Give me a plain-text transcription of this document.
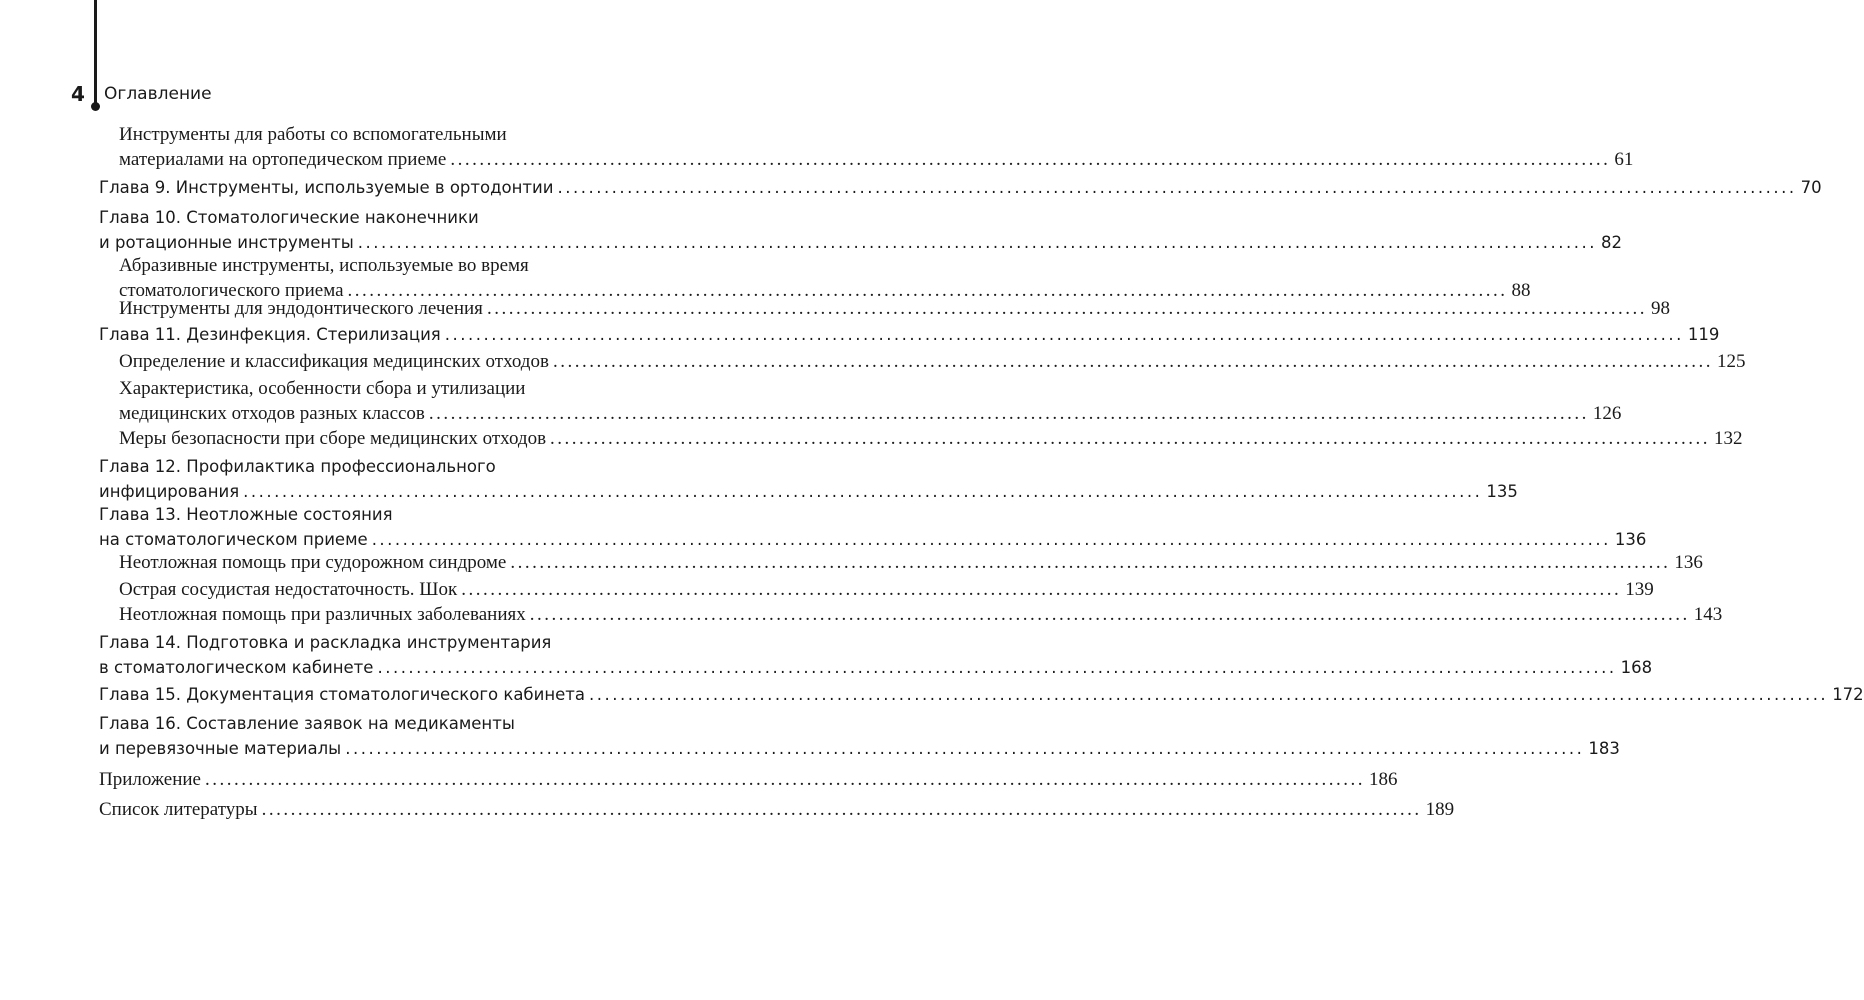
4 Оглавление
Инструменты для работы со вспомогательными
материалами на ортопедическом приеме ................................................................................................................................................................ 61
Глава 9. Инструменты, используемые в ортодонтии ................................................................................................................................................................ 70
Глава 10. Стоматологические наконечники
и ротационные инструменты ................................................................................................................................................................ 82
Абразивные инструменты, используемые во время
стоматологического приема ................................................................................................................................................................ 88
Инструменты для эндодонтического лечения ................................................................................................................................................................ 98
Глава 11. Дезинфекция. Стерилизация ................................................................................................................................................................ 119
Определение и классификация медицинских отходов ................................................................................................................................................................ 125
Характеристика, особенности сбора и утилизации
медицинских отходов разных классов ................................................................................................................................................................ 126
Меры безопасности при сборе медицинских отходов ................................................................................................................................................................ 132
Глава 12. Профилактика профессионального
инфицирования ................................................................................................................................................................ 135
Глава 13. Неотложные состояния
на стоматологическом приеме ................................................................................................................................................................ 136
Неотложная помощь при судорожном синдроме ................................................................................................................................................................ 136
Острая сосудистая недостаточность. Шок ................................................................................................................................................................ 139
Неотложная помощь при различных заболеваниях ................................................................................................................................................................ 143
Глава 14. Подготовка и раскладка инструментария
в стоматологическом кабинете ................................................................................................................................................................ 168
Глава 15. Документация стоматологического кабинета ................................................................................................................................................................ 172
Глава 16. Составление заявок на медикаменты
и перевязочные материалы ................................................................................................................................................................ 183
Приложение ................................................................................................................................................................ 186
Список литературы ................................................................................................................................................................ 189
